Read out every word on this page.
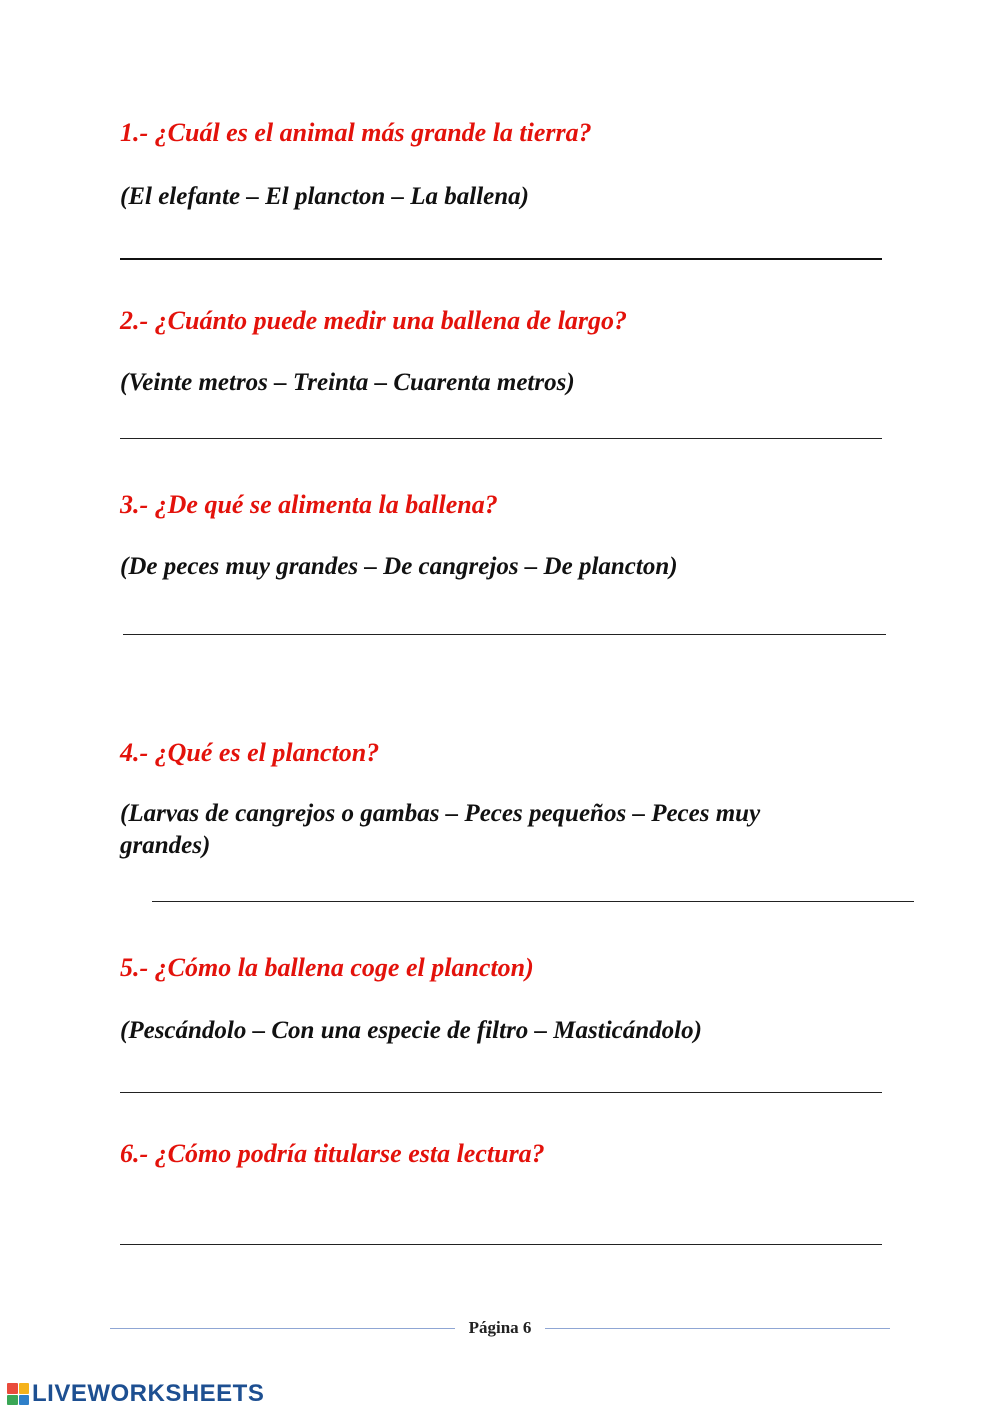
1.- ¿Cuál es el animal más grande la tierra?

(El elefante – El plancton – La ballena)

2.- ¿Cuánto puede medir una ballena de largo?

(Veinte metros – Treinta – Cuarenta metros)

3.- ¿De qué se alimenta la ballena?

(De peces muy grandes – De cangrejos – De plancton)

4.- ¿Qué es el plancton?

(Larvas de cangrejos o gambas – Peces pequeños – Peces muy grandes)

5.- ¿Cómo la ballena coge el plancton)

(Pescándolo – Con una especie de filtro – Masticándolo)

6.- ¿Cómo podría titularse esta lectura?

Página 6
LIVEWORKSHEETS
